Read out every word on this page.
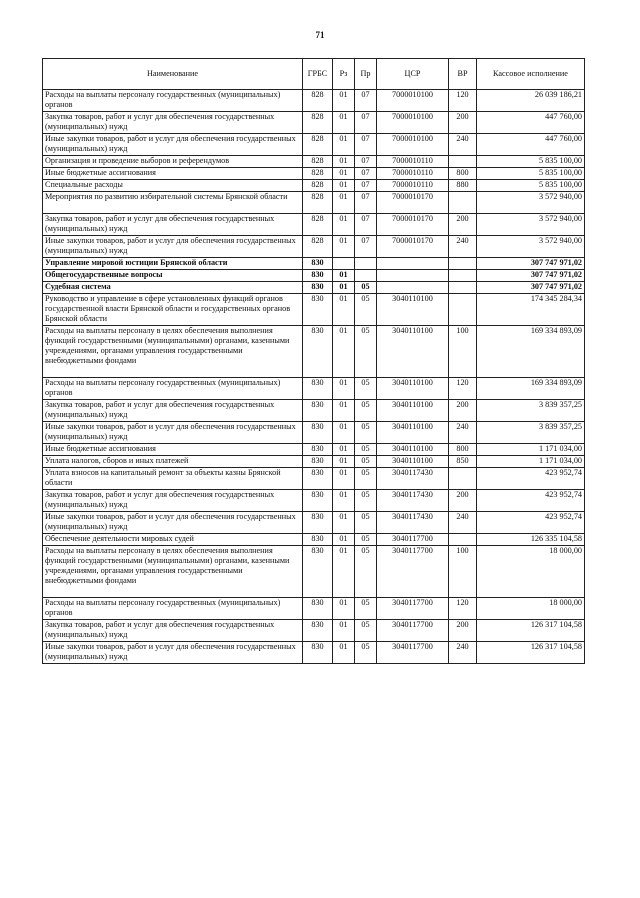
71
Наименование	ГРБС	Рз	Пр	ЦСР	ВР	Кассовое исполнение
Расходы на выплаты персоналу государственных (муниципальных) органов	828	01	07	7000010100	120	26 039 186,21
Закупка товаров, работ и услуг для обеспечения государственных (муниципальных) нужд	828	01	07	7000010100	200	447 760,00
Иные закупки товаров, работ и услуг для обеспечения государственных (муниципальных) нужд	828	01	07	7000010100	240	447 760,00
Организация и проведение выборов и референдумов	828	01	07	7000010110		5 835 100,00
Иные бюджетные ассигнования	828	01	07	7000010110	800	5 835 100,00
Специальные расходы	828	01	07	7000010110	880	5 835 100,00
Мероприятия по развитию избирательной системы Брянской области	828	01	07	7000010170		3 572 940,00
Закупка товаров, работ и услуг для обеспечения государственных (муниципальных) нужд	828	01	07	7000010170	200	3 572 940,00
Иные закупки товаров, работ и услуг для обеспечения государственных (муниципальных) нужд	828	01	07	7000010170	240	3 572 940,00
Управление мировой юстиции Брянской области	830					307 747 971,02
Общегосударственные вопросы	830	01				307 747 971,02
Судебная система	830	01	05			307 747 971,02
Руководство и управление в сфере установленных функций органов государственной власти Брянской области и государственных органов Брянской области	830	01	05	3040110100		174 345 284,34
Расходы на выплаты персоналу в целях обеспечения выполнения функций государственными (муниципальными) органами, казенными учреждениями, органами управления государственными внебюджетными фондами	830	01	05	3040110100	100	169 334 893,09
Расходы на выплаты персоналу государственных (муниципальных) органов	830	01	05	3040110100	120	169 334 893,09
Закупка товаров, работ и услуг для обеспечения государственных (муниципальных) нужд	830	01	05	3040110100	200	3 839 357,25
Иные закупки товаров, работ и услуг для обеспечения государственных (муниципальных) нужд	830	01	05	3040110100	240	3 839 357,25
Иные бюджетные ассигнования	830	01	05	3040110100	800	1 171 034,00
Уплата налогов, сборов и иных платежей	830	01	05	3040110100	850	1 171 034,00
Уплата взносов на капитальный ремонт за объекты казны Брянской области	830	01	05	3040117430		423 952,74
Закупка товаров, работ и услуг для обеспечения государственных (муниципальных) нужд	830	01	05	3040117430	200	423 952,74
Иные закупки товаров, работ и услуг для обеспечения государственных (муниципальных) нужд	830	01	05	3040117430	240	423 952,74
Обеспечение деятельности мировых судей	830	01	05	3040117700		126 335 104,58
Расходы на выплаты персоналу в целях обеспечения выполнения функций государственными (муниципальными) органами, казенными учреждениями, органами управления государственными внебюджетными фондами	830	01	05	3040117700	100	18 000,00
Расходы на выплаты персоналу государственных (муниципальных) органов	830	01	05	3040117700	120	18 000,00
Закупка товаров, работ и услуг для обеспечения государственных (муниципальных) нужд	830	01	05	3040117700	200	126 317 104,58
Иные закупки товаров, работ и услуг для обеспечения государственных (муниципальных) нужд	830	01	05	3040117700	240	126 317 104,58
